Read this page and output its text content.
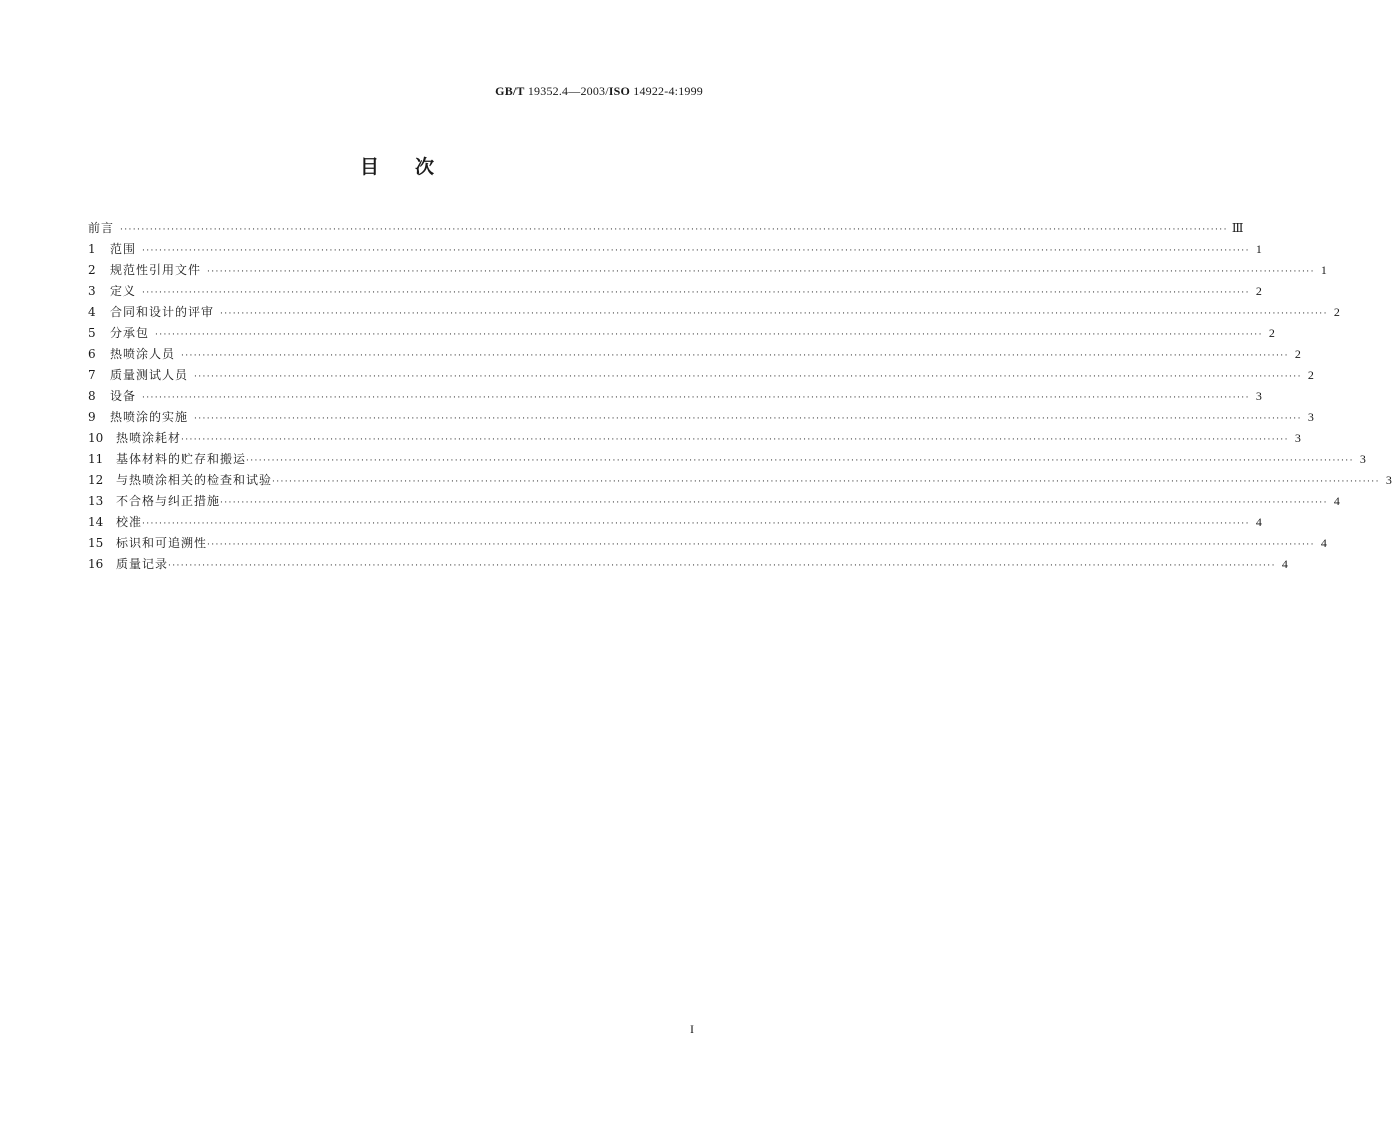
GB/T 19352.4—2003/ISO 14922-4:1999
目次
前言 ···································································································································································································································································· Ⅲ
1	范围 ···································································································································································································································································· 1
2	规范性引用文件 ···································································································································································································································································· 1
3	定义 ···································································································································································································································································· 2
4	合同和设计的评审 ···································································································································································································································································· 2
5	分承包 ···································································································································································································································································· 2
6	热喷涂人员 ···································································································································································································································································· 2
7	质量测试人员 ···································································································································································································································································· 2
8	设备 ···································································································································································································································································· 3
9	热喷涂的实施 ···································································································································································································································································· 3
10	热喷涂耗材 ···································································································································································································································································· 3
11	基体材料的贮存和搬运 ···································································································································································································································································· 3
12	与热喷涂相关的检查和试验 ···································································································································································································································································· 3
13	不合格与纠正措施 ···································································································································································································································································· 4
14	校准 ···································································································································································································································································· 4
15	标识和可追溯性 ···································································································································································································································································· 4
16	质量记录 ···································································································································································································································································· 4
I
